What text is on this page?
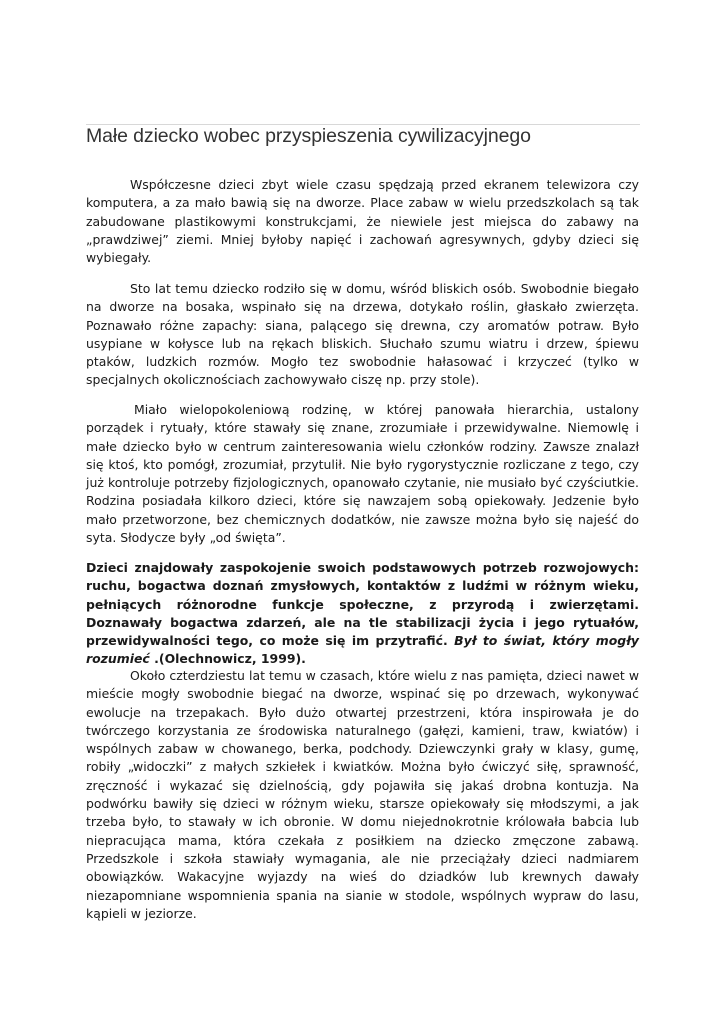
Małe dziecko wobec przyspieszenia cywilizacyjnego

Współczesne dzieci zbyt wiele czasu spędzają przed ekranem telewizora czy komputera, a za mało bawią się na dworze. Place zabaw w wielu przedszkolach są tak zabudowane plastikowymi konstrukcjami, że niewiele jest miejsca do zabawy na „prawdziwej” ziemi. Mniej byłoby napięć i zachowań agresywnych, gdyby dzieci się wybiegały.

Sto lat temu dziecko rodziło się w domu, wśród bliskich osób. Swobodnie biegało na dworze na bosaka, wspinało się na drzewa, dotykało roślin, głaskało zwierzęta. Poznawało różne zapachy: siana, palącego się drewna, czy aromatów potraw. Było usypiane w kołysce lub na rękach bliskich. Słuchało szumu wiatru i drzew, śpiewu ptaków, ludzkich rozmów. Mogło tez swobodnie hałasować i krzyczeć (tylko w specjalnych okolicznościach zachowywało ciszę np. przy stole).

Miało wielopokoleniową rodzinę, w której panowała hierarchia, ustalony porządek i rytuały, które stawały się znane, zrozumiałe i przewidywalne. Niemowlę i małe dziecko było w centrum zainteresowania wielu członków rodziny. Zawsze znalazł się ktoś, kto pomógł, zrozumiał, przytulił. Nie było rygorystycznie rozliczane z tego, czy już kontroluje potrzeby fizjologicznych, opanowało czytanie, nie musiało być czyściutkie. Rodzina posiadała kilkoro dzieci, które się nawzajem sobą opiekowały. Jedzenie było mało przetworzone, bez chemicznych dodatków, nie zawsze można było się najeść do syta. Słodycze były „od święta”.

Dzieci znajdowały zaspokojenie swoich podstawowych potrzeb rozwojowych: ruchu, bogactwa doznań zmysłowych, kontaktów z ludźmi w różnym wieku, pełniących różnorodne funkcje społeczne, z przyrodą i zwierzętami. Doznawały bogactwa zdarzeń, ale na tle stabilizacji życia i jego rytuałów, przewidywalności tego, co może się im przytrafić. Był to świat, który mogły rozumieć .(Olechnowicz, 1999).

Około czterdziestu lat temu w czasach, które wielu z nas pamięta, dzieci nawet w mieście mogły swobodnie biegać na dworze, wspinać się po drzewach, wykonywać ewolucje na trzepakach. Było dużo otwartej przestrzeni, która inspirowała je do twórczego korzystania ze środowiska naturalnego (gałęzi, kamieni, traw, kwiatów) i wspólnych zabaw w chowanego, berka, podchody. Dziewczynki grały w klasy, gumę, robiły „widoczki” z małych szkiełek i kwiatków. Można było ćwiczyć siłę, sprawność, zręczność i wykazać się dzielnością, gdy pojawiła się jakaś drobna kontuzja. Na podwórku bawiły się dzieci w różnym wieku, starsze opiekowały się młodszymi, a jak trzeba było, to stawały w ich obronie. W domu niejednokrotnie królowała babcia lub niepracująca mama, która czekała z posiłkiem na dziecko zmęczone zabawą. Przedszkole i szkoła stawiały wymagania, ale nie przeciążały dzieci nadmiarem obowiązków. Wakacyjne wyjazdy na wieś do dziadków lub krewnych dawały niezapomniane wspomnienia spania na sianie w stodole, wspólnych wypraw do lasu, kąpieli w jeziorze.
